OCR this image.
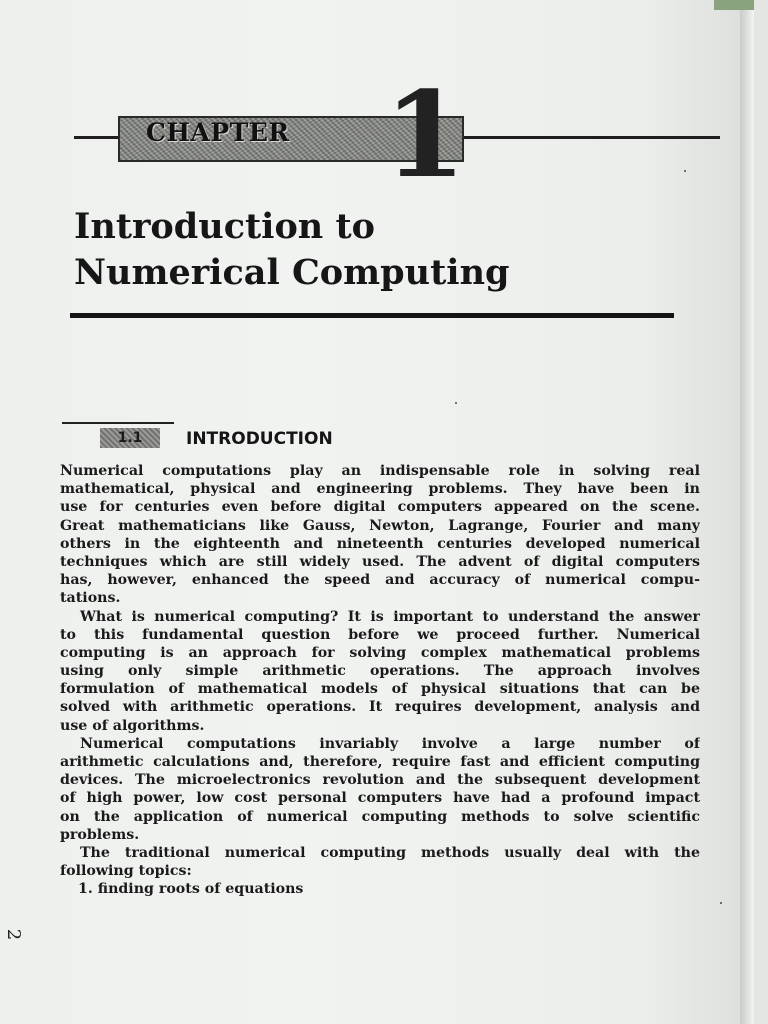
CHAPTER 1
Introduction to
Numerical Computing
1.1	INTRODUCTION
Numerical computations play an indispensable role in solving real
mathematical, physical and engineering problems. They have been in
use for centuries even before digital computers appeared on the scene.
Great mathematicians like Gauss, Newton, Lagrange, Fourier and many
others in the eighteenth and nineteenth centuries developed numerical
techniques which are still widely used. The advent of digital computers
has, however, enhanced the speed and accuracy of numerical compu-
tations.
What is numerical computing? It is important to understand the answer
to this fundamental question before we proceed further. Numerical
computing is an approach for solving complex mathematical problems
using only simple arithmetic operations. The approach involves
formulation of mathematical models of physical situations that can be
solved with arithmetic operations. It requires development, analysis and
use of algorithms.
Numerical computations invariably involve a large number of
arithmetic calculations and, therefore, require fast and efficient computing
devices. The microelectronics revolution and the subsequent development
of high power, low cost personal computers have had a profound impact
on the application of numerical computing methods to solve scientific
problems.
The traditional numerical computing methods usually deal with the
following topics:
1. finding roots of equations
2
